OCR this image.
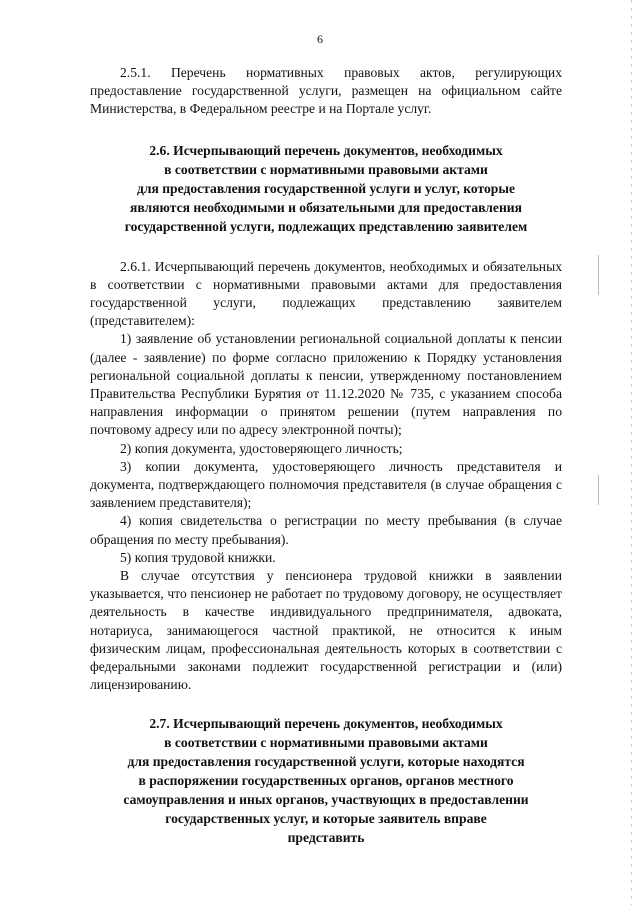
6

2.5.1. Перечень нормативных правовых актов, регулирующих предоставление государственной услуги, размещен на официальном сайте Министерства, в Федеральном реестре и на Портале услуг.

2.6. Исчерпывающий перечень документов, необходимых
в соответствии с нормативными правовыми актами
для предоставления государственной услуги и услуг, которые
являются необходимыми и обязательными для предоставления
государственной услуги, подлежащих представлению заявителем

2.6.1. Исчерпывающий перечень документов, необходимых и обязательных в соответствии с нормативными правовыми актами для предоставления государственной услуги, подлежащих представлению заявителем (представителем):

1) заявление об установлении региональной социальной доплаты к пенсии (далее - заявление) по форме согласно приложению к Порядку установления региональной социальной доплаты к пенсии, утвержденному постановлением Правительства Республики Бурятия от 11.12.2020 № 735, с указанием способа направления информации о принятом решении (путем направления по почтовому адресу или по адресу электронной почты);

2) копия документа, удостоверяющего личность;

3) копии документа, удостоверяющего личность представителя и документа, подтверждающего полномочия представителя (в случае обращения с заявлением представителя);

4) копия свидетельства о регистрации по месту пребывания (в случае обращения по месту пребывания).

5) копия трудовой книжки.

В случае отсутствия у пенсионера трудовой книжки в заявлении указывается, что пенсионер не работает по трудовому договору, не осуществляет деятельность в качестве индивидуального предпринимателя, адвоката, нотариуса, занимающегося частной практикой, не относится к иным физическим лицам, профессиональная деятельность которых в соответствии с федеральными законами подлежит государственной регистрации и (или) лицензированию.

2.7. Исчерпывающий перечень документов, необходимых
в соответствии с нормативными правовыми актами
для предоставления государственной услуги, которые находятся
в распоряжении государственных органов, органов местного
самоуправления и иных органов, участвующих в предоставлении
государственных услуг, и которые заявитель вправе
представить
